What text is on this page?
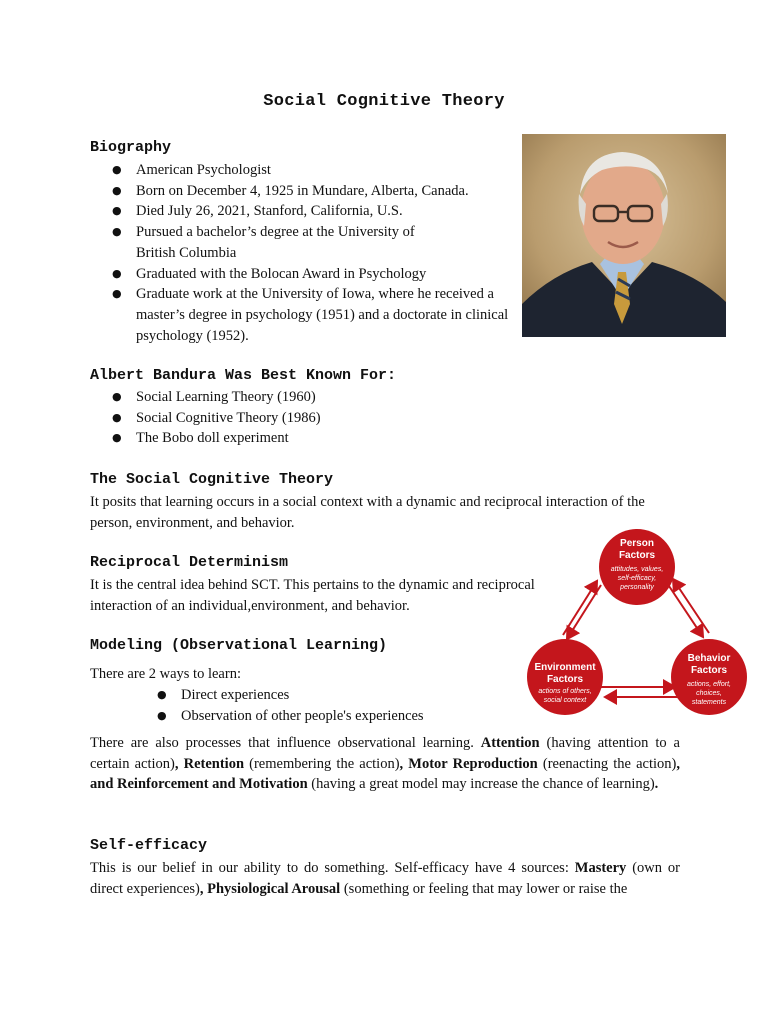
Social Cognitive Theory
Biography
● American Psychologist
● Born on December 4, 1925 in Mundare, Alberta, Canada.
● Died July 26, 2021, Stanford, California, U.S.
● Pursued a bachelor’s degree at the University of British Columbia
● Graduated with the Bolocan Award in Psychology
● Graduate work at the University of Iowa, where he received a master’s degree in psychology (1951) and a doctorate in clinical psychology (1952).
Albert Bandura Was Best Known For:
● Social Learning Theory (1960)
● Social Cognitive Theory (1986)
● The Bobo doll experiment
The Social Cognitive Theory

It posits that learning occurs in a social context with a dynamic and reciprocal interaction of the person, environment, and behavior.

Reciprocal Determinism

It is the central idea behind SCT. This pertains to the dynamic and reciprocal interaction of an individual,environment, and behavior.

Person
Factors
attitudes, values,
self-efficacy,
personality
Environment
Factors
actions of others,
social context
Behavior
Factors
actions, effort,
choices,
statements
Modeling (Observational Learning)

There are 2 ways to learn:

● Direct experiences
● Observation of other people's experiences

There are also processes that influence observational learning. Attention (having attention to a certain action), Retention (remembering the action), Motor Reproduction (reenacting the action), and Reinforcement and Motivation (having a great model may increase the chance of learning).

Self-efficacy

This is our belief in our ability to do something. Self-efficacy have 4 sources: Mastery (own or direct experiences), Physiological Arousal (something or feeling that may lower or raise the
